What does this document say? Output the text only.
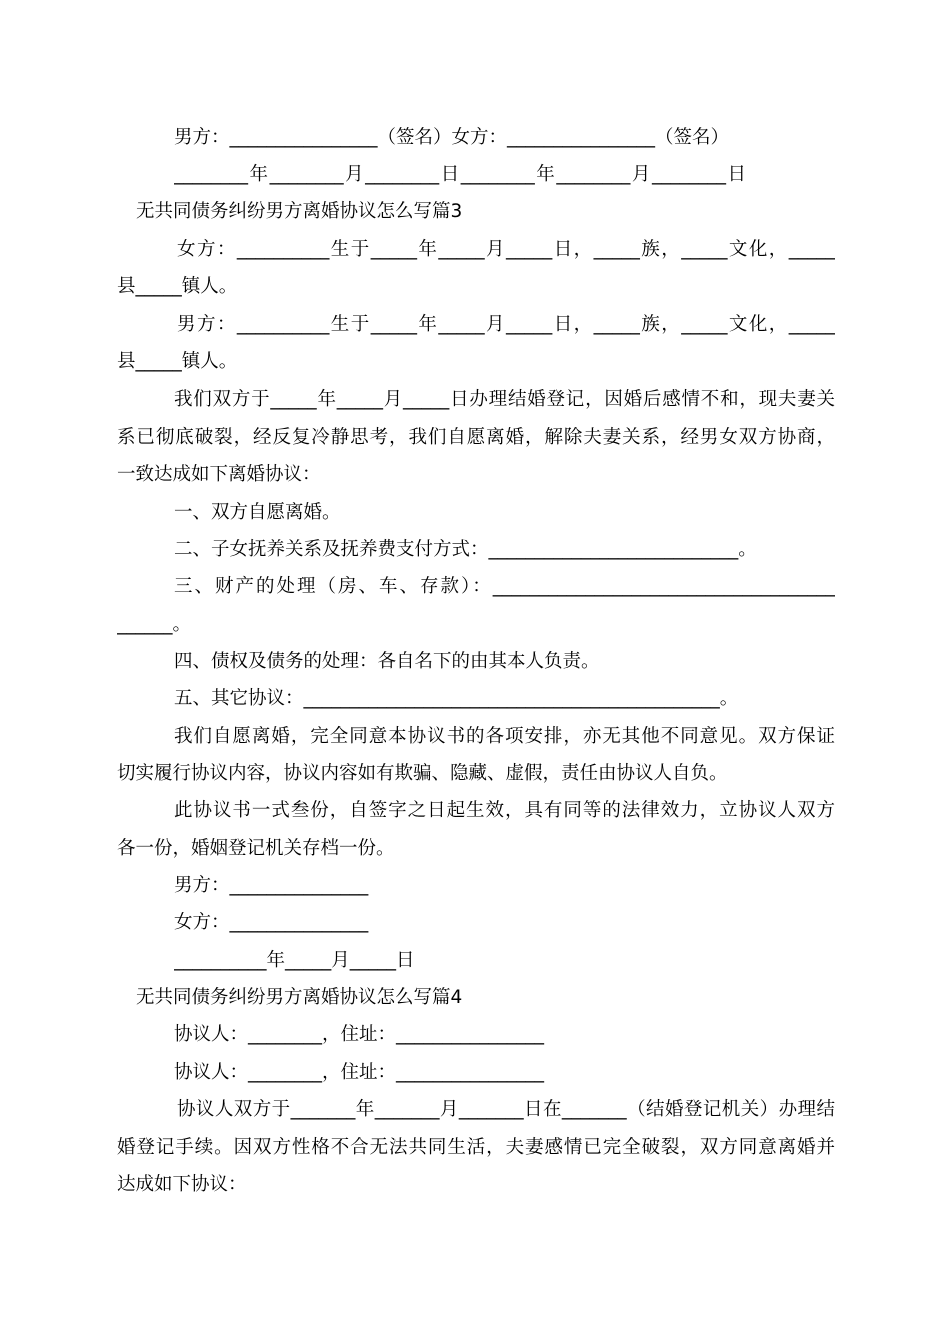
男方：________________（签名）女方：________________（签名）
________年________月________日________年________月________日
无共同债务纠纷男方离婚协议怎么写篇3
女方：__________生于_____年_____月_____日，_____族，_____文化，_____
县_____镇人。
男方：__________生于_____年_____月_____日，_____族，_____文化，_____
县_____镇人。
我们双方于_____年_____月_____日办理结婚登记，因婚后感情不和，现夫妻关
系已彻底破裂，经反复冷静思考，我们自愿离婚，解除夫妻关系，经男女双方协商，
一致达成如下离婚协议：
一、双方自愿离婚。
二、子女抚养关系及抚养费支付方式：___________________________。
三、财产的处理（房、车、存款）：_____________________________________
______。
四、债权及债务的处理：各自名下的由其本人负责。
五、其它协议：_____________________________________________。
我们自愿离婚，完全同意本协议书的各项安排，亦无其他不同意见。双方保证
切实履行协议内容，协议内容如有欺骗、隐藏、虚假，责任由协议人自负。
此协议书一式叁份，自签字之日起生效，具有同等的法律效力，立协议人双方
各一份，婚姻登记机关存档一份。
男方：_______________
女方：_______________
__________年_____月_____日
无共同债务纠纷男方离婚协议怎么写篇4
协议人：________，住址：________________
协议人：________，住址：________________
协议人双方于_______年_______月_______日在_______（结婚登记机关）办理结
婚登记手续。因双方性格不合无法共同生活，夫妻感情已完全破裂，双方同意离婚并
达成如下协议：
